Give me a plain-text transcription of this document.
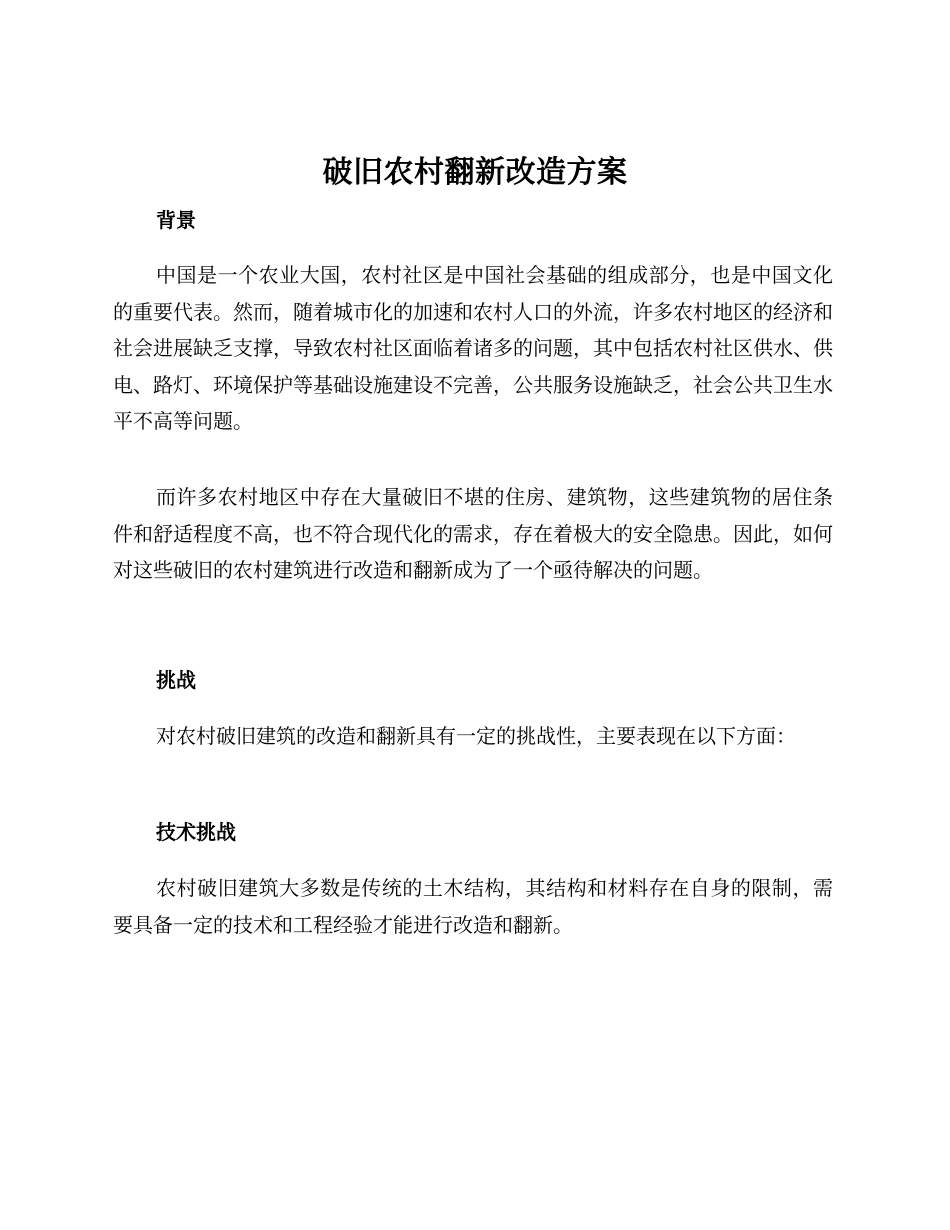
破旧农村翻新改造方案
背景

中国是一个农业大国，农村社区是中国社会基础的组成部分，也是中国文化的重要代表。然而，随着城市化的加速和农村人口的外流，许多农村地区的经济和社会进展缺乏支撑，导致农村社区面临着诸多的问题，其中包括农村社区供水、供电、路灯、环境保护等基础设施建设不完善，公共服务设施缺乏，社会公共卫生水平不高等问题。

而许多农村地区中存在大量破旧不堪的住房、建筑物，这些建筑物的居住条件和舒适程度不高，也不符合现代化的需求，存在着极大的安全隐患。因此，如何对这些破旧的农村建筑进行改造和翻新成为了一个亟待解决的问题。

挑战

对农村破旧建筑的改造和翻新具有一定的挑战性，主要表现在以下方面：

技术挑战

农村破旧建筑大多数是传统的土木结构，其结构和材料存在自身的限制，需要具备一定的技术和工程经验才能进行改造和翻新。
